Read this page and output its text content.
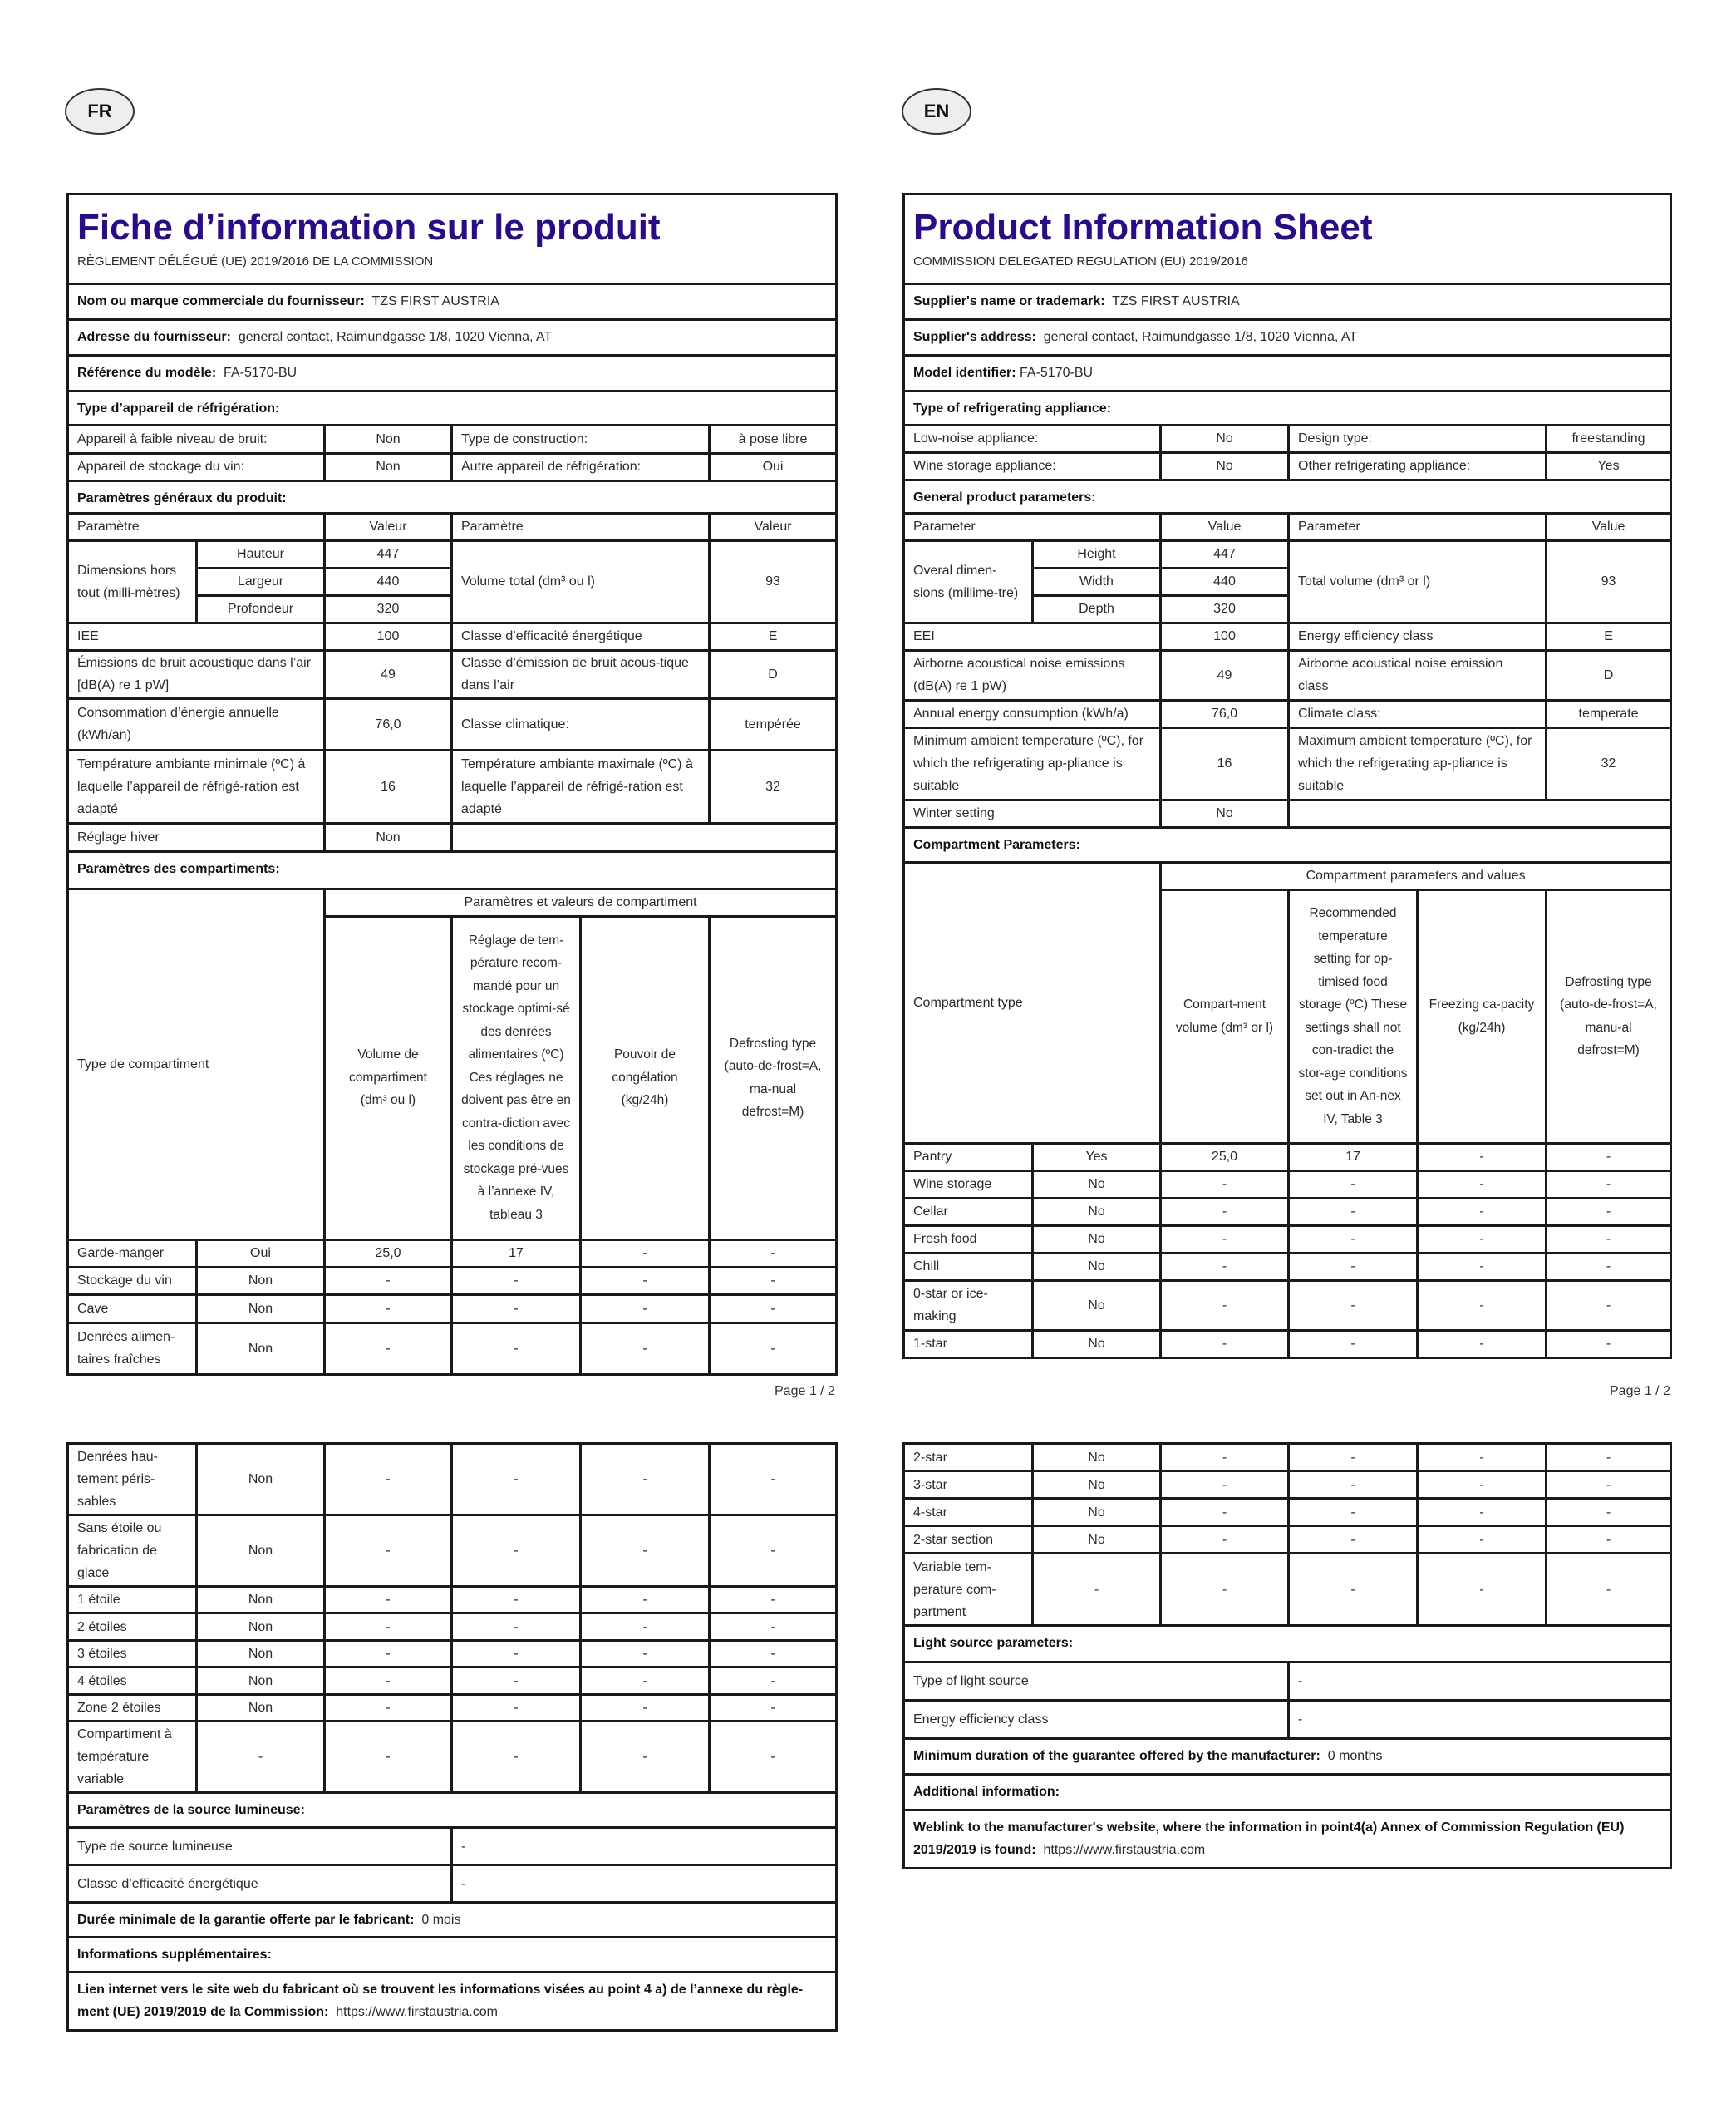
FR
Fiche d’information sur le produit					
RÈGLEMENT DÉLÉGUÉ (UE) 2019/2016 DE LA COMMISSION					
Nom ou marque commerciale du fournisseur: TZS FIRST AUSTRIA					
Adresse du fournisseur: general contact, Raimundgasse 1/8, 1020 Vienna, AT					
Référence du modèle: FA-5170-BU					
Type d’appareil de réfrigération:					
Appareil à faible niveau de bruit:		Non	Type de construction:		à pose libre
Appareil de stockage du vin:		Non	Autre appareil de réfrigération:		Oui
Paramètres généraux du produit:					
Paramètre		Valeur	Paramètre		Valeur
Dimensions hors tout (milli-mètres)	Hauteur	447	Volume total (dm³ ou l)		93
	Largeur	440			
	Profondeur	320			
IEE		100	Classe d’efficacité énergétique		E
Émissions de bruit acoustique dans l’air [dB(A) re 1 pW]		49	Classe d’émission de bruit acous-tique dans l’air		D
Consommation d’énergie annuelle (kWh/an)		76,0	Classe climatique:		tempérée
Température ambiante minimale (ºC) à laquelle l’appareil de réfrigé-ration est adapté		16	Température ambiante maximale (ºC) à laquelle l’appareil de réfrigé-ration est adapté		32
Réglage hiver		Non			
Paramètres des compartiments:					
Type de compartiment		Paramètres et valeurs de compartiment			
		Volume de compartiment (dm³ ou l)	Réglage de tem-pérature recom-mandé pour un stockage optimi-sé des denrées alimentaires (ºC) Ces réglages ne doivent pas être en contra-diction avec les conditions de stockage pré-vues à l’annexe IV, tableau 3	Pouvoir de congélation (kg/24h)	Defrosting type (auto-de-frost=A, ma-nual defrost=M)
Garde-manger	Oui	25,0	17	-	-
Stockage du vin	Non	-	-	-	-
Cave	Non	-	-	-	-
Denrées alimen-taires fraîches	Non	-	-	-	-
Page 1 / 2
Denrées hau-tement péris-sables	Non	-	-	-	-
Sans étoile ou fabrication de glace	Non	-	-	-	-
1 étoile	Non	-	-	-	-
2 étoiles	Non	-	-	-	-
3 étoiles	Non	-	-	-	-
4 étoiles	Non	-	-	-	-
Zone 2 étoiles	Non	-	-	-	-
Compartiment à température variable	-	-	-	-	-
Paramètres de la source lumineuse:					
Type de source lumineuse			-		
Classe d’efficacité énergétique			-		
Durée minimale de la garantie offerte par le fabricant: 0 mois					
Informations supplémentaires:					
Lien internet vers le site web du fabricant où se trouvent les informations visées au point 4 a) de l’annexe du règle-ment (UE) 2019/2019 de la Commission: https://www.firstaustria.com					
EN
Product Information Sheet					
COMMISSION DELEGATED REGULATION (EU) 2019/2016					
Supplier's name or trademark: TZS FIRST AUSTRIA					
Supplier's address: general contact, Raimundgasse 1/8, 1020 Vienna, AT					
Model identifier: FA-5170-BU					
Type of refrigerating appliance:					
Low-noise appliance:		No	Design type:		freestanding
Wine storage appliance:		No	Other refrigerating appliance:		Yes
General product parameters:					
Parameter		Value	Parameter		Value
Overal dimen-sions (millime-tre)	Height	447	Total volume (dm³ or l)		93
	Width	440			
	Depth	320			
EEI		100	Energy efficiency class		E
Airborne acoustical noise emissions (dB(A) re 1 pW)		49	Airborne acoustical noise emission class		D
Annual energy consumption (kWh/a)		76,0	Climate class:		temperate
Minimum ambient temperature (ºC), for which the refrigerating ap-pliance is suitable		16	Maximum ambient temperature (ºC), for which the refrigerating ap-pliance is suitable		32
Winter setting		No			
Compartment Parameters:					
Compartment type		Compartment parameters and values			
		Compart-ment volume (dm³ or l)	Recommended temperature setting for op-timised food storage (ºC) These settings shall not con-tradict the stor-age conditions set out in An-nex IV, Table 3	Freezing ca-pacity (kg/24h)	Defrosting type (auto-de-frost=A, manu-al defrost=M)
Pantry	Yes	25,0	17	-	-
Wine storage	No	-	-	-	-
Cellar	No	-	-	-	-
Fresh food	No	-	-	-	-
Chill	No	-	-	-	-
0-star or ice-making	No	-	-	-	-
1-star	No	-	-	-	-
Page 1 / 2
2-star	No	-	-	-	-
3-star	No	-	-	-	-
4-star	No	-	-	-	-
2-star section	No	-	-	-	-
Variable tem-perature com-partment	-	-	-	-	-
Light source parameters:					
Type of light source			-		
Energy efficiency class			-		
Minimum duration of the guarantee offered by the manufacturer: 0 months					
Additional information:					
Weblink to the manufacturer's website, where the information in point4(a) Annex of Commission Regulation (EU) 2019/2019 is found: https://www.firstaustria.com					
